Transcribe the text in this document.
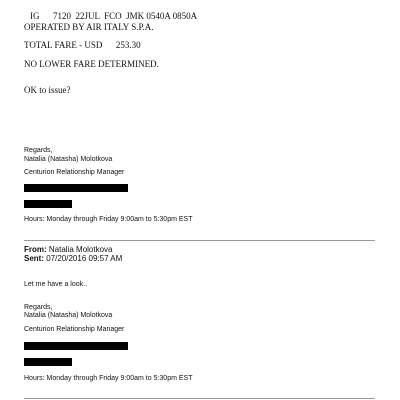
IG      7120  22JUL  FCO  JMK 0540A 0850A
OPERATED BY AIR ITALY S.P.A.
TOTAL FARE - USD      253.30
NO LOWER FARE DETERMINED.
OK to issue?
Regards,
Natalia (Natasha) Molotkova
Centurion Relationship Manager
Hours: Monday through Friday 9:00am to 5:30pm EST
From: Natalia Molotkova
Sent: 07/20/2016 09:57 AM
Let me have a look..
Regards,
Natalia (Natasha) Molotkova
Centurion Relationship Manager
Hours: Monday through Friday 9:00am to 5:30pm EST
